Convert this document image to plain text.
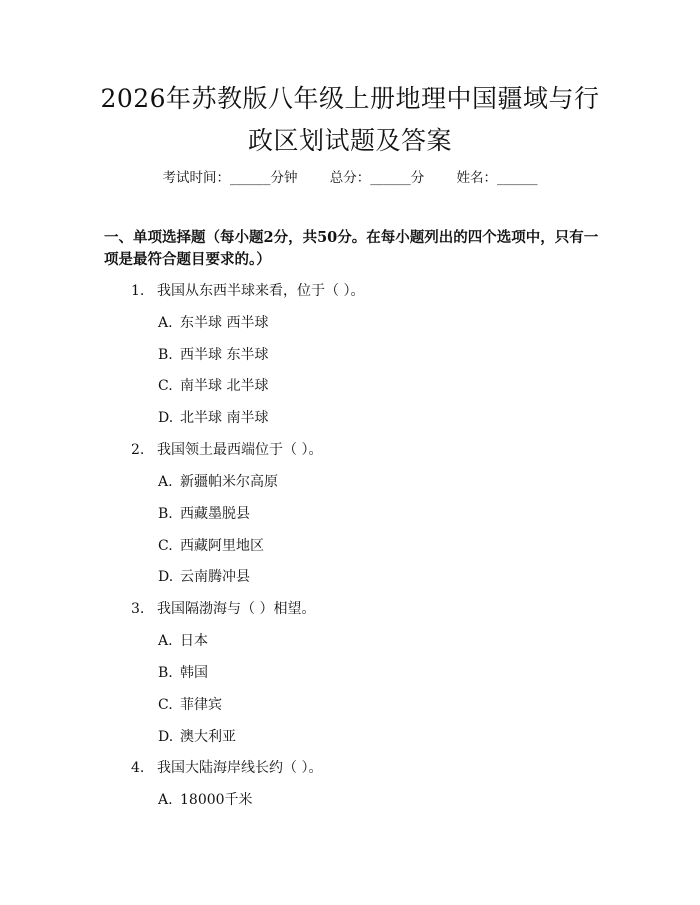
2026年苏教版八年级上册地理中国疆域与行
政区划试题及答案
考试时间：______分钟 总分：______分 姓名：______

一、单项选择题（每小题2分，共50分。在每小题列出的四个选项中，只有一项是最符合题目要求的。）

1. 我国从东西半球来看，位于（ ）。
A. 东半球 西半球
B. 西半球 东半球
C. 南半球 北半球
D. 北半球 南半球
2. 我国领土最西端位于（ ）。
A. 新疆帕米尔高原
B. 西藏墨脱县
C. 西藏阿里地区
D. 云南腾冲县
3. 我国隔渤海与（ ）相望。
A. 日本
B. 韩国
C. 菲律宾
D. 澳大利亚
4. 我国大陆海岸线长约（ ）。
A. 18000千米
